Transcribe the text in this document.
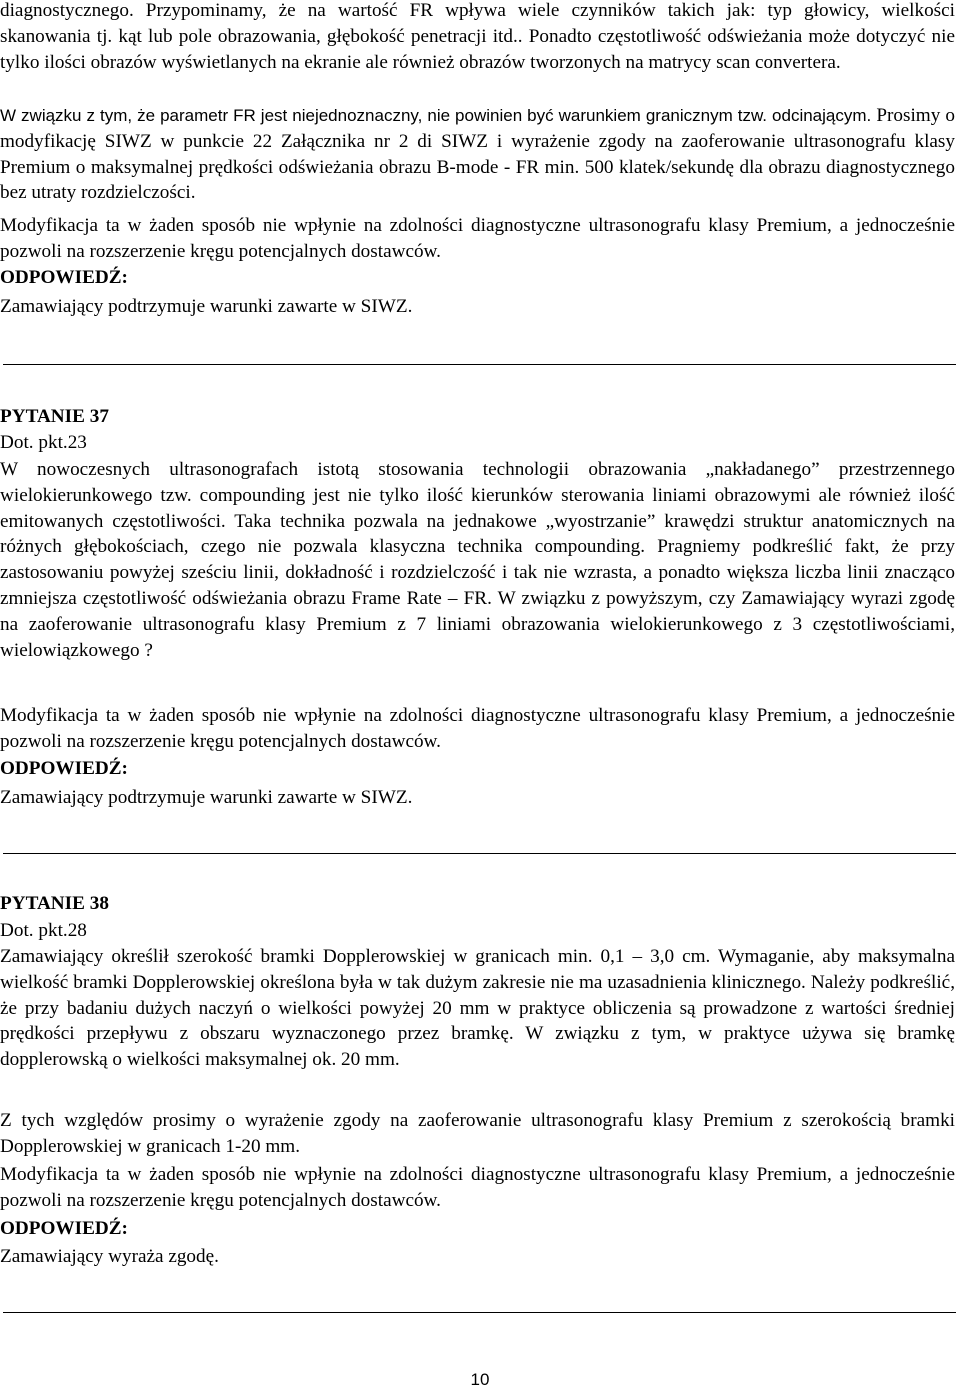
diagnostycznego. Przypominamy, że na wartość FR wpływa wiele czynników takich jak: typ głowicy, wielkości skanowania tj. kąt lub pole obrazowania, głębokość penetracji itd.. Ponadto częstotliwość odświeżania może dotyczyć nie tylko ilości obrazów wyświetlanych na ekranie ale również obrazów tworzonych na matrycy scan convertera.

W związku z tym, że parametr FR jest niejednoznaczny, nie powinien być warunkiem granicznym tzw. odcinającym. Prosimy o modyfikację SIWZ w punkcie 22 Załącznika nr 2 di SIWZ i wyrażenie zgody na zaoferowanie ultrasonografu klasy Premium o maksymalnej prędkości odświeżania obrazu B-mode - FR min. 500 klatek/sekundę dla obrazu diagnostycznego bez utraty rozdzielczości.

Modyfikacja ta w żaden sposób nie wpłynie na zdolności diagnostyczne ultrasonografu klasy Premium, a jednocześnie pozwoli na rozszerzenie kręgu potencjalnych dostawców.

ODPOWIEDŹ:

Zamawiający podtrzymuje warunki zawarte w SIWZ.

PYTANIE 37

Dot. pkt.23

W nowoczesnych ultrasonografach istotą stosowania technologii obrazowania „nakładanego” przestrzennego wielokierunkowego tzw. compounding jest nie tylko ilość kierunków sterowania liniami obrazowymi ale również ilość emitowanych częstotliwości. Taka technika pozwala na jednakowe „wyostrzanie” krawędzi struktur anatomicznych na różnych głębokościach, czego nie pozwala klasyczna technika compounding. Pragniemy podkreślić fakt, że przy zastosowaniu powyżej sześciu linii, dokładność i rozdzielczość i tak nie wzrasta, a ponadto większa liczba linii znacząco zmniejsza częstotliwość odświeżania obrazu Frame Rate – FR. W związku z powyższym, czy Zamawiający wyrazi zgodę na zaoferowanie ultrasonografu klasy Premium z 7 liniami obrazowania wielokierunkowego z 3 częstotliwościami, wielowiązkowego ?

Modyfikacja ta w żaden sposób nie wpłynie na zdolności diagnostyczne ultrasonografu klasy Premium, a jednocześnie pozwoli na rozszerzenie kręgu potencjalnych dostawców.

ODPOWIEDŹ:

Zamawiający podtrzymuje warunki zawarte w SIWZ.

PYTANIE 38

Dot. pkt.28

Zamawiający określił szerokość bramki Dopplerowskiej w granicach min. 0,1 – 3,0 cm. Wymaganie, aby maksymalna wielkość bramki Dopplerowskiej określona była w tak dużym zakresie nie ma uzasadnienia klinicznego. Należy podkreślić, że przy badaniu dużych naczyń o wielkości powyżej 20 mm w praktyce obliczenia są prowadzone z wartości średniej prędkości przepływu z obszaru wyznaczonego przez bramkę. W związku z tym, w praktyce używa się bramkę dopplerowską o wielkości maksymalnej ok. 20 mm.

Z tych względów prosimy o wyrażenie zgody na zaoferowanie ultrasonografu klasy Premium z szerokością bramki Dopplerowskiej w granicach 1-20 mm.

Modyfikacja ta w żaden sposób nie wpłynie na zdolności diagnostyczne ultrasonografu klasy Premium, a jednocześnie pozwoli na rozszerzenie kręgu potencjalnych dostawców.

ODPOWIEDŹ:

Zamawiający wyraża zgodę.

10
